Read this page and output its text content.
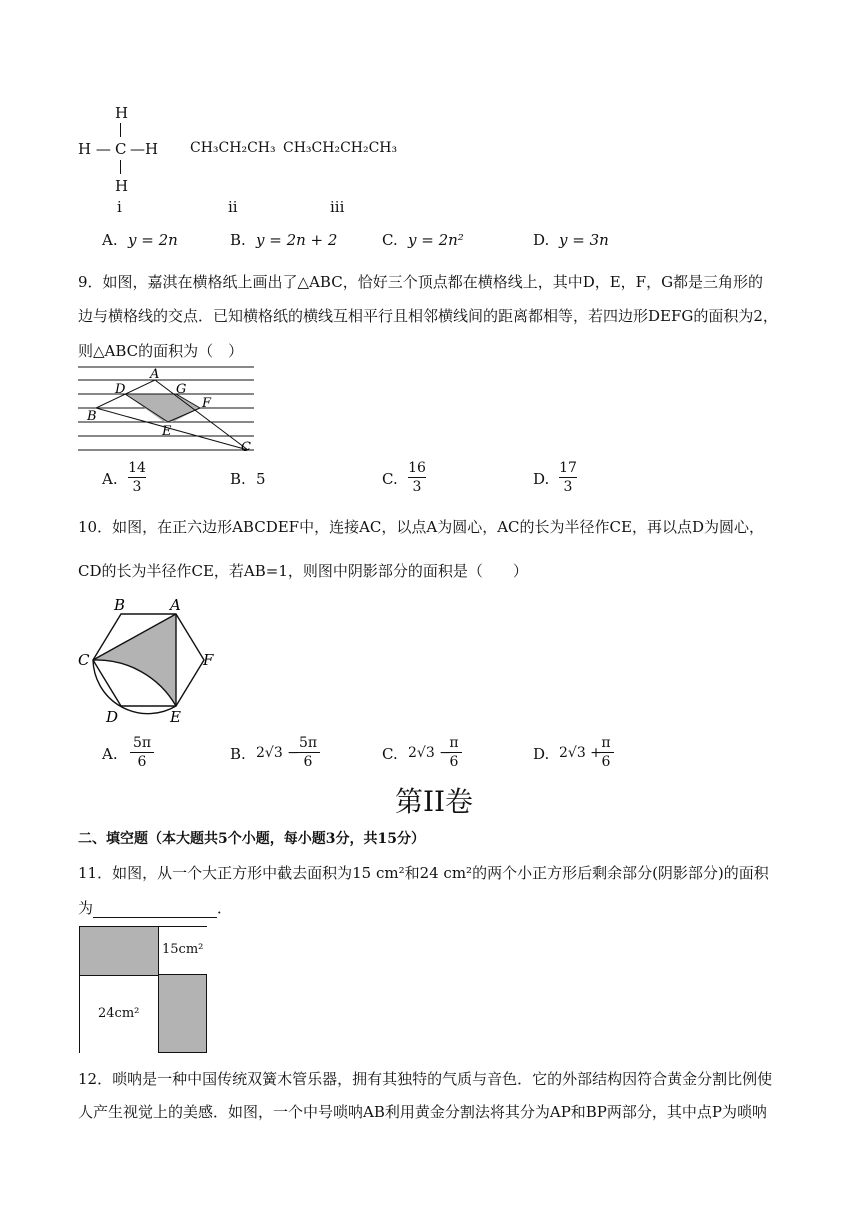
H
H — C —H
H
CH₃CH₂CH₃ CH₃CH₂CH₂CH₃
i	ii	iii
A. y = 2n	B. y = 2n + 2	C. y = 2n²	D. y = 3n
9．如图，嘉淇在横格纸上画出了△ABC，恰好三个顶点都在横格线上，其中D，E，F，G都是三角形的
边与横格线的交点．已知横格纸的横线互相平行且相邻横线间的距离都相等，若四边形DEFG的面积为2，
则△ABC的面积为（　）
A
D	G
F
B
E
C
A.
14
3	B. 5	C.
16
3	D.
17
3
10．如图，在正六边形ABCDEF中，连接AC，以点A为圆心，AC的长为半径作CE，再以点D为圆心，
CD的长为半径作CE，若AB=1，则图中阴影部分的面积是（　　）
B	A
C	F
D	E
A.
5π
6	B. 2√3 −
5π
6	C. 2√3 −
π
6	D. 2√3 +
π
6
第II卷
二、填空题（本大题共5个小题，每小题3分，共15分）
11．如图，从一个大正方形中截去面积为15 cm²和24 cm²的两个小正方形后剩余部分(阴影部分)的面积
为	．
15cm²
24cm²
12．唢呐是一种中国传统双簧木管乐器，拥有其独特的气质与音色．它的外部结构因符合黄金分割比例使
人产生视觉上的美感．如图，一个中号唢呐AB利用黄金分割法将其分为AP和BP两部分，其中点P为唢呐
